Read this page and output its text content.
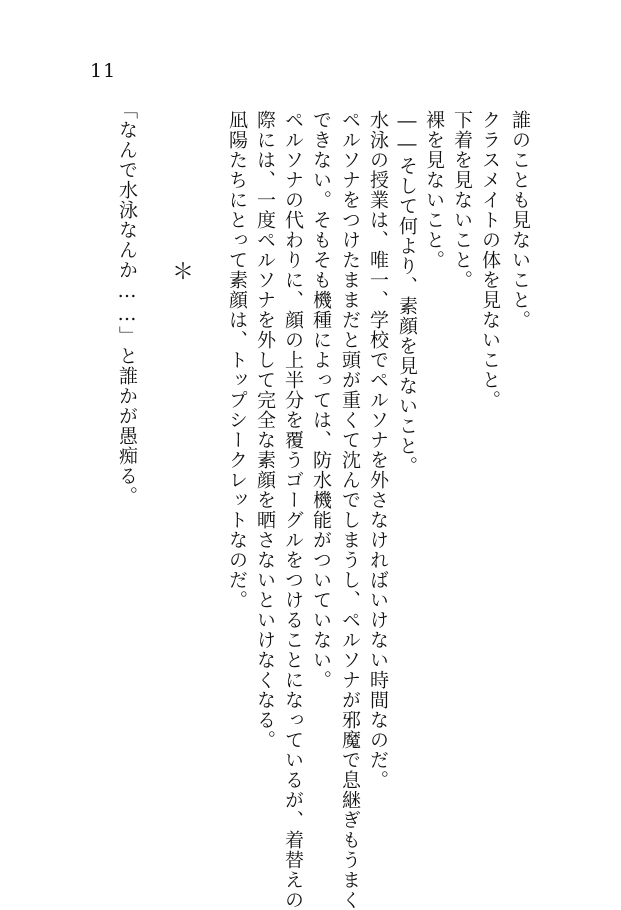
11
誰のことも見ないこと。
クラスメイトの体を見ないこと。
下着を見ないこと。
裸を見ないこと。
――そして何より、素顔を見ないこと。
水泳の授業は、唯一、学校でペルソナを外さなければいけない時間なのだ。
ペルソナをつけたままだと頭が重くて沈んでしまうし、ペルソナが邪魔で息継ぎもうまく
できない。そもそも機種によっては、防水機能がついていない。
ペルソナの代わりに、顔の上半分を覆うゴーグルをつけることになっているが、着替えの
際には、一度ペルソナを外して完全な素顔を晒さないといけなくなる。
凪陽たちにとって素顔は、トップシークレットなのだ。
＊
「なんで水泳なんか……」と誰かが愚痴る。
